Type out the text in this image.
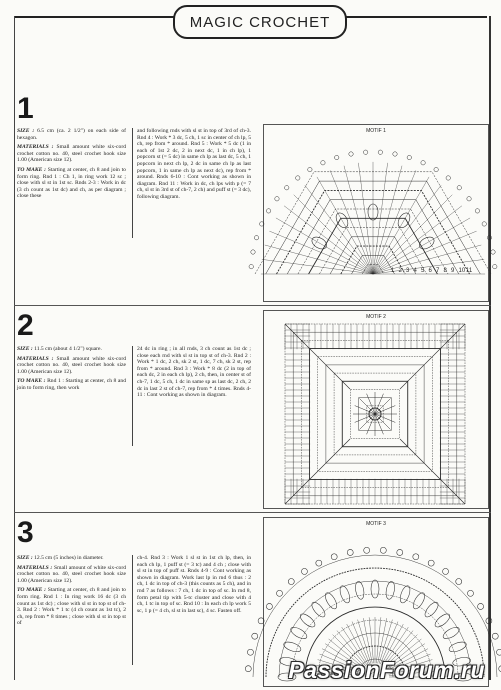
MAGIC CROCHET
1

SIZE : 6.5 cm (ca. 2 1/2") on each side of hexagon.

MATERIALS : Small amount white six-cord crochet cotton no. 40, steel crochet hook size 1.00 (American size 12).

TO MAKE : Starting at center, ch 8 and join to form ring. Rnd 1 : Ch 1, in ring work 12 sc ; close with sl st in 1st sc. Rnds 2-3 : Work in dc (3 ch count as 1st dc) and ch, as per diagram ; close these

and following rnds with sl st in top of 3rd of ch-3. Rnd 4 : Work * 3 dc, 5 ch, 1 sc in center of ch lp, 5 ch, rep from * around. Rnd 5 : Work * 5 dc (1 in each of 1st 2 dc, 2 in next dc, 1 in ch lp), 1 popcorn st (= 5 dc) in same ch lp as last dc, 5 ch, 1 popcorn in next ch lp, 2 dc in same ch lp as last popcorn, 1 in same ch lp as next dc), rep from * around. Rnds 6-10 : Cont working as shown in diagram. Rnd 11 : Work in dc, ch lps with p (= 7 ch, sl st in 3rd st of ch-7, 2 ch) and puff st (= 3 dc), following diagram.
MOTIF 1
1 2 3 4 5 6 7 8 9 10 11
2

SIZE : 11.5 cm (about 4 1/2") square.

MATERIALS : Small amount white six-cord crochet cotton no. 40, steel crochet hook size 1.00 (American size 12).

TO MAKE : Rnd 1 : Starting at center, ch 8 and join to form ring, then work

24 dc in ring ; in all rnds, 3 ch count as 1st dc ; close each rnd with sl st in top st of ch-3. Rnd 2 : Work * 1 dc, 2 ch, sk 2 st, 1 dc, 7 ch, sk 2 st, rep from * around. Rnd 3 : Work * 8 dc (2 in top of each dc, 2 in each ch lp), 2 ch, then, in center st of ch-7, 1 dc, 5 ch, 1 dc in same sp as last dc, 2 ch, 2 dc in last 2 st of ch-7, rep from * 4 times. Rnds 4-11 : Cont working as shown in diagram.
MOTIF 2
3

SIZE : 12.5 cm (5 inches) in diameter.

MATERIALS : Small amount of white six-cord crochet cotton no. 40, steel crochet hook size 1.00 (American size 12).

TO MAKE : Starting at center, ch 8 and join to form ring. Rnd 1 : In ring work 16 dc (3 ch count as 1st dc) ; close with sl st in top st of ch-3. Rnd 2 : Work * 1 tc (4 ch count as 1st tc), 2 ch, rep from * 8 times ; close with sl st in top st of

ch-4. Rnd 3 : Work 1 sl st in 1st ch lp, then, in each ch lp, 1 puff st (= 3 tc) and 4 ch ; close with sl st in top of puff st. Rnds 4-9 : Cont working as shown in diagram. Work last lp in rnd 6 thus : 2 ch, 1 dc in top of ch-3 (this counts as 5 ch), and in rnd 7 as follows : 7 ch, 1 dc in top of sc. In rnd 8, form petal tip with 5-tc cluster and close with 4 ch, 1 tc in top of sc. Rnd 10 : In each ch lp work 5 sc, 1 p (= 4 ch, sl st in last sc), 4 sc. Fasten off.
MOTIF 3
PassionForum.ru
